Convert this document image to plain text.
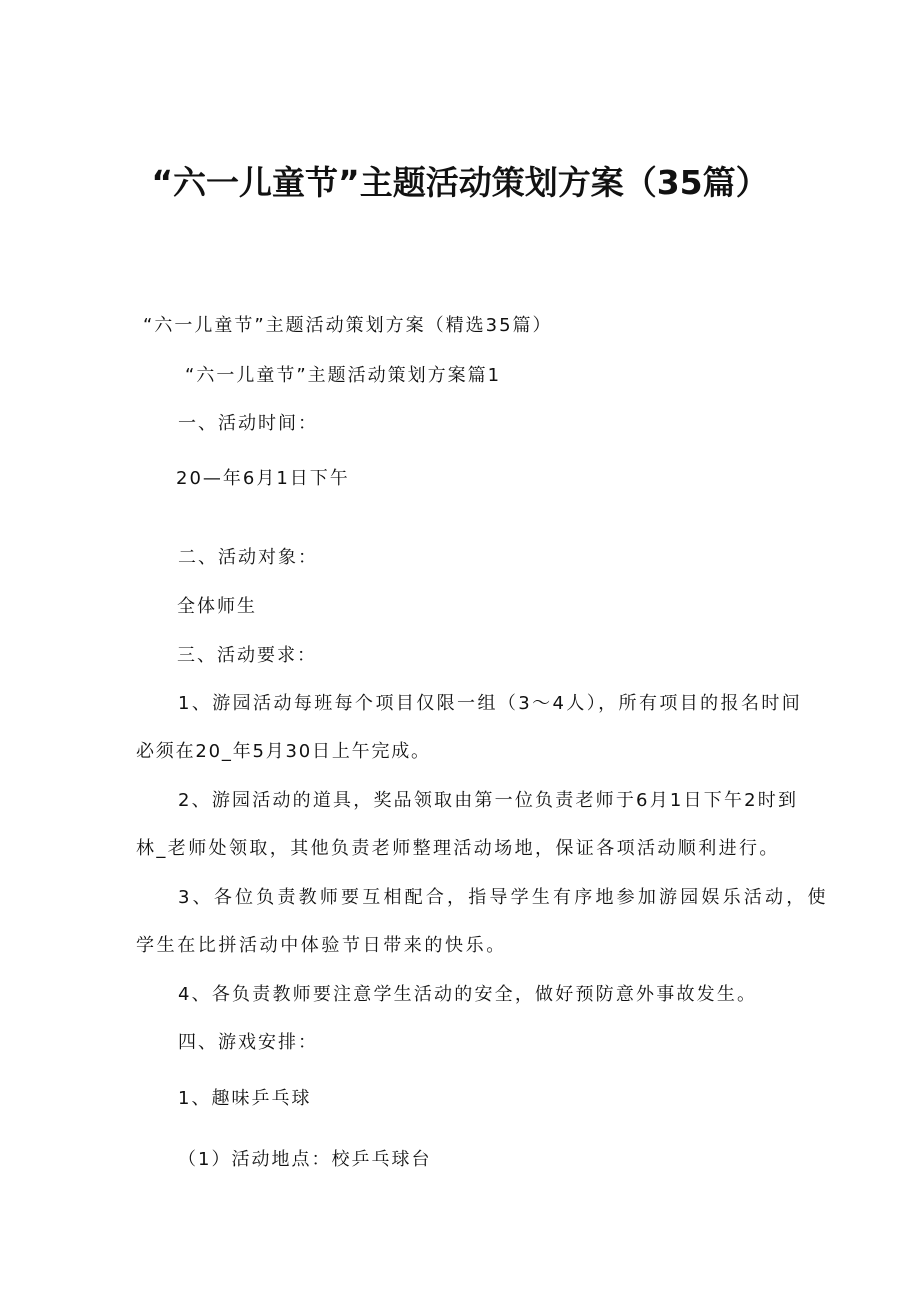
“六一儿童节”主题活动策划方案（35篇）
“六一儿童节”主题活动策划方案（精选35篇）
“六一儿童节”主题活动策划方案篇1
一、活动时间：
20—年6月1日下午
二、活动对象：
全体师生
三、活动要求：
1、游园活动每班每个项目仅限一组（3～4人），所有项目的报名时间
必须在20_年5月30日上午完成。
2、游园活动的道具，奖品领取由第一位负责老师于6月1日下午2时到
林_老师处领取，其他负责老师整理活动场地，保证各项活动顺利进行。
3、各位负责教师要互相配合，指导学生有序地参加游园娱乐活动，使
学生在比拼活动中体验节日带来的快乐。
4、各负责教师要注意学生活动的安全，做好预防意外事故发生。
四、游戏安排：
1、趣味乒乓球
（1）活动地点：校乒乓球台
